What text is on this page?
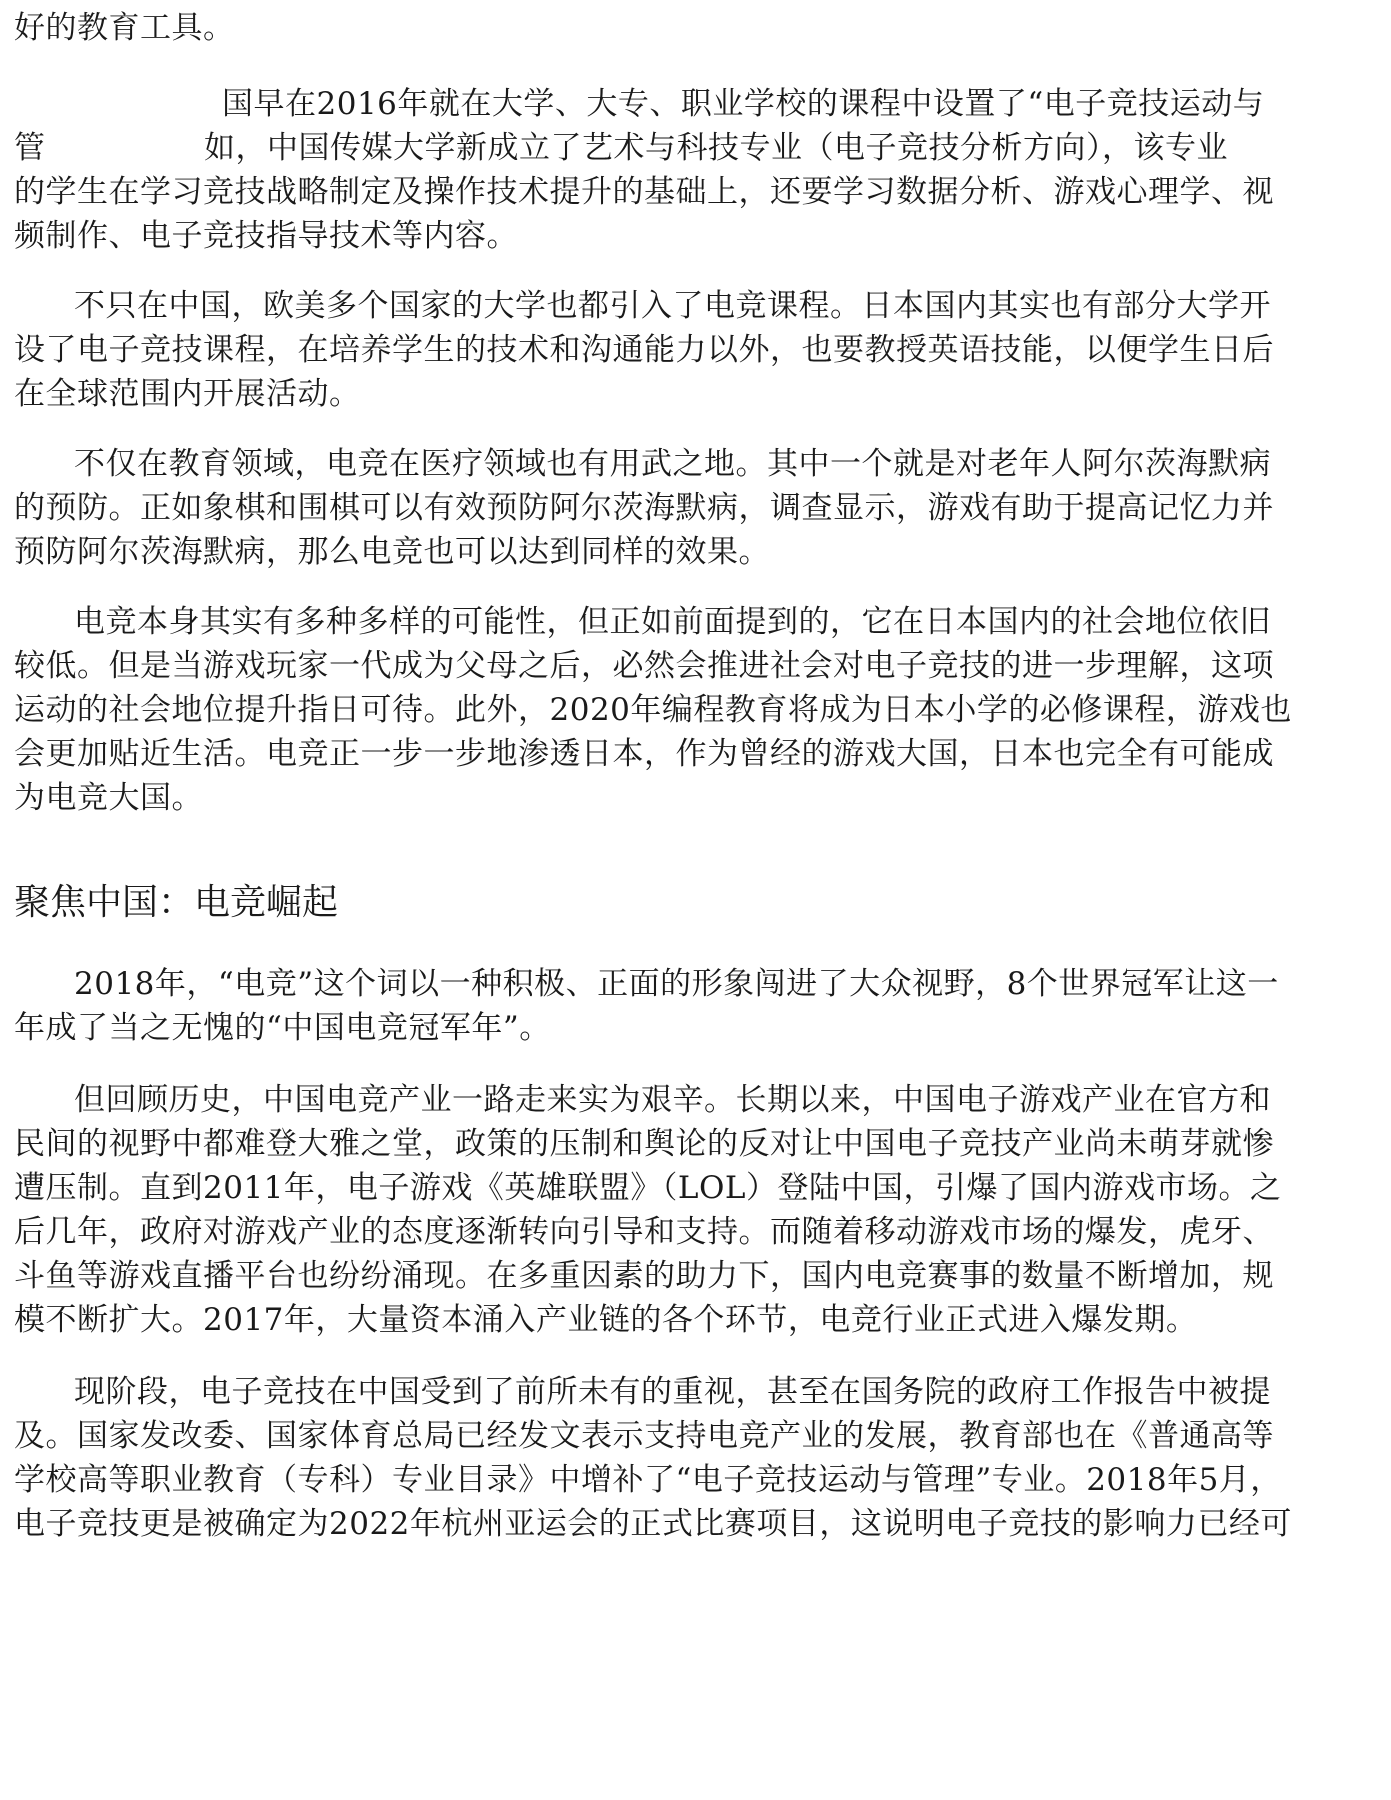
好的教育工具。
国早在2016年就在大学、大专、职业学校的课程中设置了“电子竞技运动与
管	如，中国传媒大学新成立了艺术与科技专业（电子竞技分析方向），该专业
的学生在学习竞技战略制定及操作技术提升的基础上，还要学习数据分析、游戏心理学、视
频制作、电子竞技指导技术等内容。
不只在中国，欧美多个国家的大学也都引入了电竞课程。日本国内其实也有部分大学开
设了电子竞技课程，在培养学生的技术和沟通能力以外，也要教授英语技能，以便学生日后
在全球范围内开展活动。
不仅在教育领域，电竞在医疗领域也有用武之地。其中一个就是对老年人阿尔茨海默病
的预防。正如象棋和围棋可以有效预防阿尔茨海默病，调查显示，游戏有助于提高记忆力并
预防阿尔茨海默病，那么电竞也可以达到同样的效果。
电竞本身其实有多种多样的可能性，但正如前面提到的，它在日本国内的社会地位依旧
较低。但是当游戏玩家一代成为父母之后，必然会推进社会对电子竞技的进一步理解，这项
运动的社会地位提升指日可待。此外，2020年编程教育将成为日本小学的必修课程，游戏也
会更加贴近生活。电竞正一步一步地渗透日本，作为曾经的游戏大国，日本也完全有可能成
为电竞大国。
聚焦中国：电竞崛起
2018年，“电竞”这个词以一种积极、正面的形象闯进了大众视野，8个世界冠军让这一
年成了当之无愧的“中国电竞冠军年”。
但回顾历史，中国电竞产业一路走来实为艰辛。长期以来，中国电子游戏产业在官方和
民间的视野中都难登大雅之堂，政策的压制和舆论的反对让中国电子竞技产业尚未萌芽就惨
遭压制。直到2011年，电子游戏《英雄联盟》（LOL）登陆中国，引爆了国内游戏市场。之
后几年，政府对游戏产业的态度逐渐转向引导和支持。而随着移动游戏市场的爆发，虎牙、
斗鱼等游戏直播平台也纷纷涌现。在多重因素的助力下，国内电竞赛事的数量不断增加，规
模不断扩大。2017年，大量资本涌入产业链的各个环节，电竞行业正式进入爆发期。
现阶段，电子竞技在中国受到了前所未有的重视，甚至在国务院的政府工作报告中被提
及。国家发改委、国家体育总局已经发文表示支持电竞产业的发展，教育部也在《普通高等
学校高等职业教育（专科）专业目录》中增补了“电子竞技运动与管理”专业。2018年5月，
电子竞技更是被确定为2022年杭州亚运会的正式比赛项目，这说明电子竞技的影响力已经可
